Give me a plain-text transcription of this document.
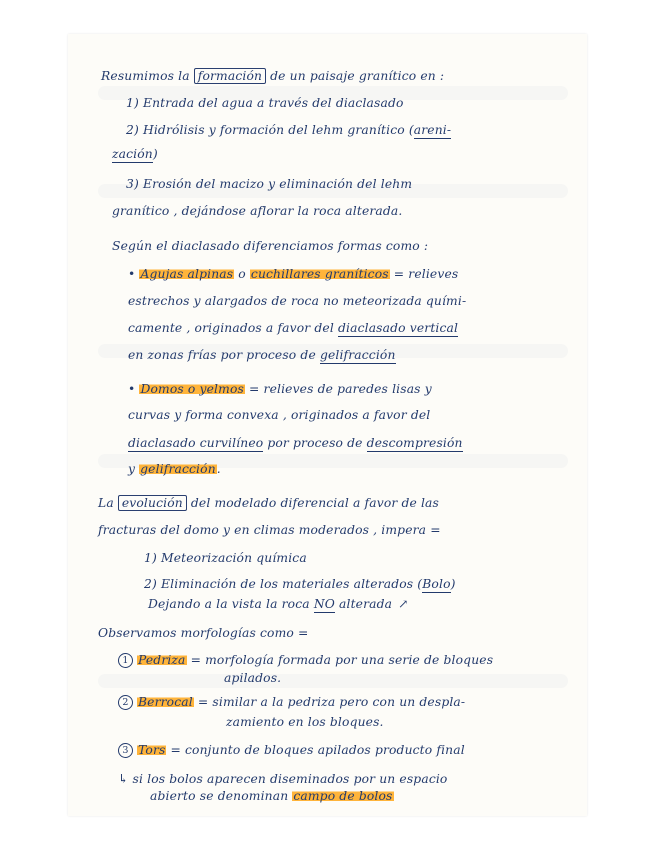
Resumimos la formación de un paisaje granítico en :
1) Entrada del agua a través del diaclasado
2) Hidrólisis y formación del lehm granítico (areni-
zación)
3) Erosión del macizo y eliminación del lehm
granítico , dejándose aflorar la roca alterada.
Según el diaclasado diferenciamos formas como :
• Agujas alpinas o cuchillares graníticos = relieves
estrechos y alargados de roca no meteorizada quími-
camente , originados a favor del diaclasado vertical
en zonas frías por proceso de gelifracción
• Domos o yelmos = relieves de paredes lisas y
curvas y forma convexa , originados a favor del
diaclasado curvilíneo por proceso de descompresión
y gelifracción.
La evolución del modelado diferencial a favor de las
fracturas del domo y en climas moderados , impera =
1) Meteorización química
2) Eliminación de los materiales alterados (Bolo)
Dejando a la vista la roca NO alterada ↗
Observamos morfologías como =
1 Pedriza = morfología formada por una serie de bloques
apilados.
2 Berrocal = similar a la pedriza pero con un despla-
zamiento en los bloques.
3 Tors = conjunto de bloques apilados producto final
↳ si los bolos aparecen diseminados por un espacio
abierto se denominan campo de bolos
